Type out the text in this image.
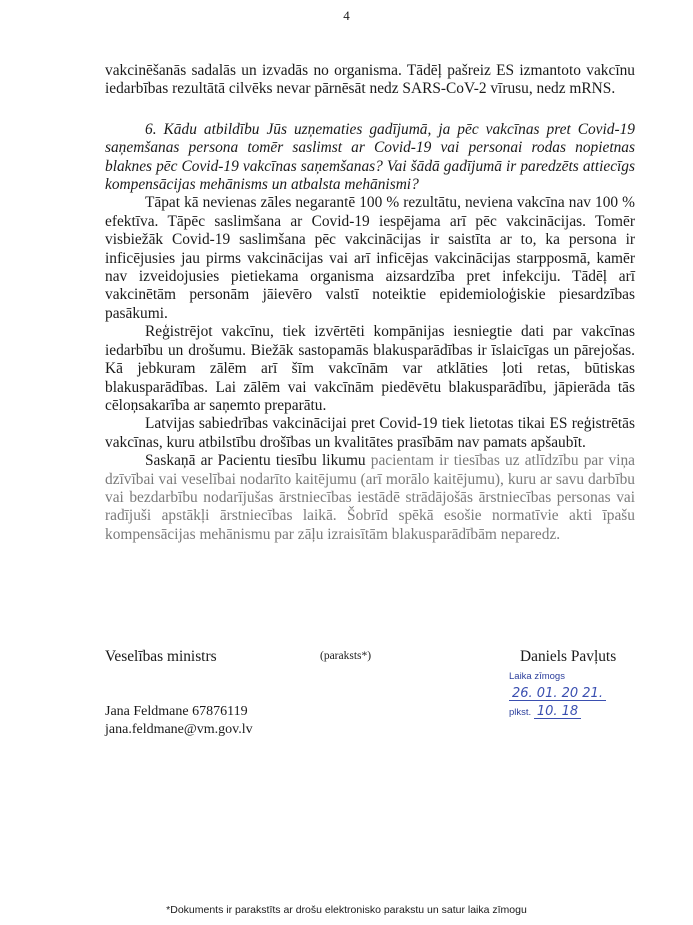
4

vakcinēšanās sadalās un izvadās no organisma. Tādēļ pašreiz ES izmantoto vakcīnu iedarbības rezultātā cilvēks nevar pārnēsāt nedz SARS-CoV-2 vīrusu, nedz mRNS.

6. Kādu atbildību Jūs uzņematies gadījumā, ja pēc vakcīnas pret Covid-19 saņemšanas persona tomēr saslimst ar Covid-19 vai personai rodas nopietnas blaknes pēc Covid-19 vakcīnas saņemšanas? Vai šādā gadījumā ir paredzēts attiecīgs kompensācijas mehānisms un atbalsta mehānismi?

Tāpat kā nevienas zāles negarantē 100 % rezultātu, neviena vakcīna nav 100 % efektīva. Tāpēc saslimšana ar Covid-19 iespējama arī pēc vakcinācijas. Tomēr visbiežāk Covid-19 saslimšana pēc vakcinācijas ir saistīta ar to, ka persona ir inficējusies jau pirms vakcinācijas vai arī inficējas vakcinācijas starpposmā, kamēr nav izveidojusies pietiekama organisma aizsardzība pret infekciju. Tādēļ arī vakcinētām personām jāievēro valstī noteiktie epidemioloģiskie piesardzības pasākumi.

Reģistrējot vakcīnu, tiek izvērtēti kompānijas iesniegtie dati par vakcīnas iedarbību un drošumu. Biežāk sastopamās blakusparādības ir īslaicīgas un pārejošas. Kā jebkuram zālēm arī šīm vakcīnām var atklāties ļoti retas, būtiskas blakusparādības. Lai zālēm vai vakcīnām piedēvētu blakusparādību, jāpierāda tās cēloņsakarība ar saņemto preparātu.

Latvijas sabiedrības vakcinācijai pret Covid-19 tiek lietotas tikai ES reģistrētās vakcīnas, kuru atbilstību drošības un kvalitātes prasībām nav pamats apšaubīt.

Saskaņā ar Pacientu tiesību likumu pacientam ir tiesības uz atlīdzību par viņa dzīvībai vai veselībai nodarīto kaitējumu (arī morālo kaitējumu), kuru ar savu darbību vai bezdarbību nodarījušas ārstniecības iestādē strādājošās ārstniecības personas vai radījuši apstākļi ārstniecības laikā. Šobrīd spēkā esošie normatīvie akti īpašu kompensācijas mehānismu par zāļu izraisītām blakusparādībām neparedz.

Veselības ministrs	(paraksts*)	Daniels Pavļuts
Laika zīmogs 26. 01. 20 21.
plkst. 10. 18
Jana Feldmane 67876119
jana.feldmane@vm.gov.lv
*Dokuments ir parakstīts ar drošu elektronisko parakstu un satur laika zīmogu
